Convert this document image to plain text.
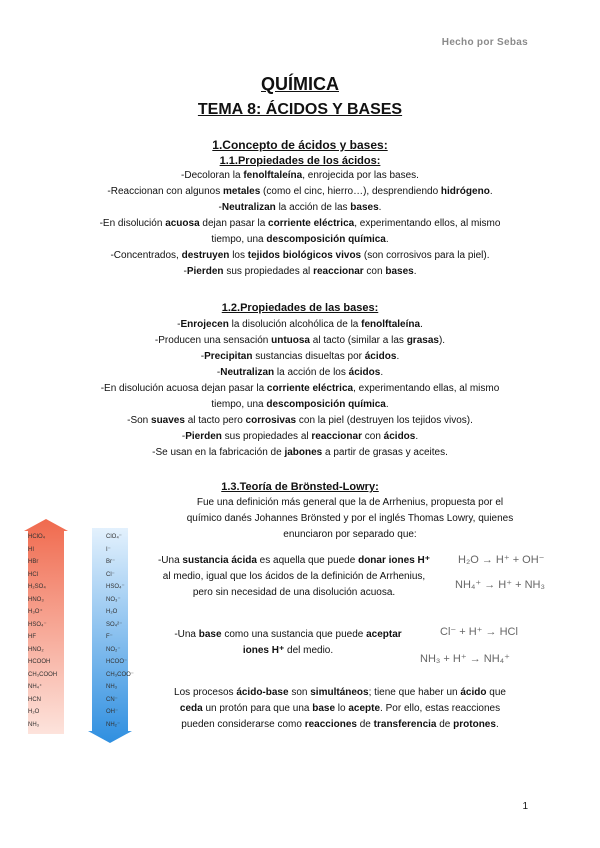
Hecho por Sebas
QUÍMICA
TEMA 8: ÁCIDOS Y BASES
1.Concepto de ácidos y bases:
1.1.Propiedades de los ácidos:

-Decoloran la fenolftaleína, enrojecida por las bases.

-Reaccionan con algunos metales (como el cinc, hierro…), desprendiendo hidrógeno.

-Neutralizan la acción de las bases.

-En disolución acuosa dejan pasar la corriente eléctrica, experimentando ellos, al mismo

tiempo, una descomposición química.

-Concentrados, destruyen los tejidos biológicos vivos (son corrosivos para la piel).

-Pierden sus propiedades al reaccionar con bases.

1.2.Propiedades de las bases:

-Enrojecen la disolución alcohólica de la fenolftaleína.

-Producen una sensación untuosa al tacto (similar a las grasas).

-Precipitan sustancias disueltas por ácidos.

-Neutralizan la acción de los ácidos.

-En disolución acuosa dejan pasar la corriente eléctrica, experimentando ellas, al mismo

tiempo, una descomposición química.

-Son suaves al tacto pero corrosivas con la piel (destruyen los tejidos vivos).

-Pierden sus propiedades al reaccionar con ácidos.

-Se usan en la fabricación de jabones a partir de grasas y aceites.

1.3.Teoría de Brönsted-Lowry:

Fue una definición más general que la de Arrhenius, propuesta por el

químico danés Johannes Brönsted y por el inglés Thomas Lowry, quienes

enunciaron por separado que:

-Una sustancia ácida es aquella que puede donar iones H⁺

al medio, igual que los ácidos de la definición de Arrhenius,

pero sin necesidad de una disolución acuosa.

-Una base como una sustancia que puede aceptar

iones H⁺ del medio.

Los procesos ácido-base son simultáneos; tiene que haber un ácido que

ceda un protón para que una base lo acepte. Por ello, estas reacciones

pueden considerarse como reacciones de transferencia de protones.

H₂O → H⁺ + OH⁻
NH₄⁺ → H⁺ + NH₃
Cl⁻ + H⁺ → HCl
NH₃ + H⁺ → NH₄⁺
HClO₄
HI
HBr
HCl
H₂SO₄
HNO₃
H₃O⁺
HSO₄⁻
HF
HNO₂
HCOOH
CH₃COOH
NH₄⁺
HCN
H₂O
NH₃
ClO₄⁻
I⁻
Br⁻
Cl⁻
HSO₄⁻
NO₃⁻
H₂O
SO₄²⁻
F⁻
NO₂⁻
HCOO⁻
CH₃COO⁻
NH₃
CN⁻
OH⁻
NH₂⁻
1
